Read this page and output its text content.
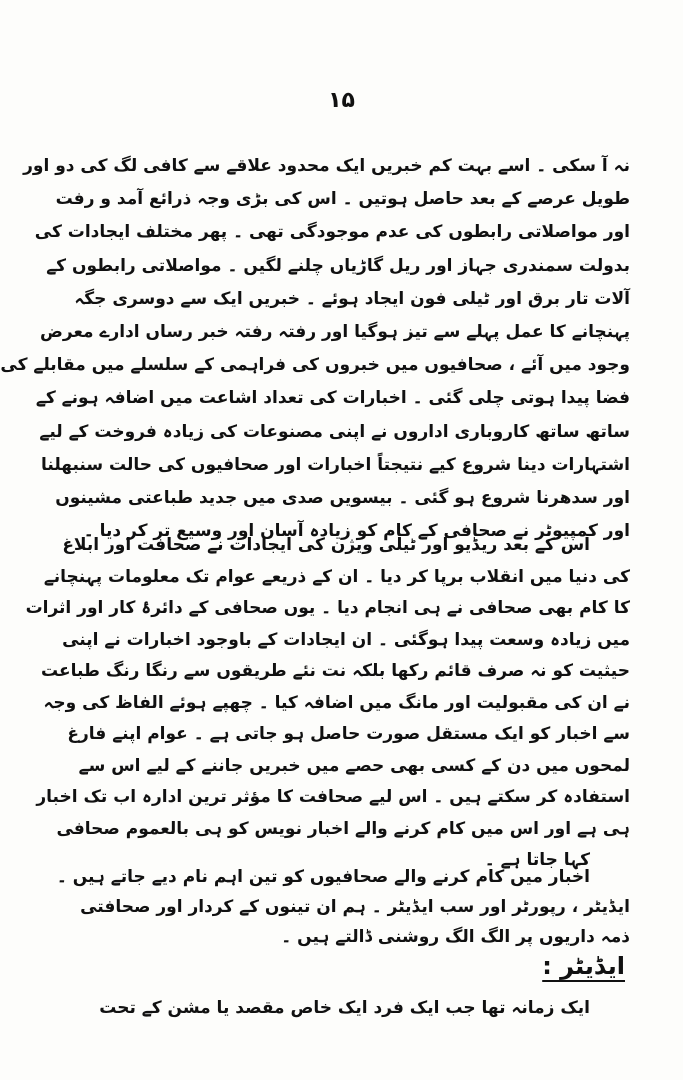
۱۵
نہ آ سکی ۔ اسے بہت کم خبریں ایک محدود علاقے سے کافی لگ کی دو اور
طویل عرصے کے بعد حاصل ہوتیں ۔ اس کی بڑی وجہ ذرائع آمد و رفت
اور مواصلاتی رابطوں کی عدم موجودگی تھی ۔ پھر مختلف ایجادات کی
بدولت سمندری جہاز اور ریل گاڑیاں چلنے لگیں ۔ مواصلاتی رابطوں کے
آلات تار برق اور ٹیلی فون ایجاد ہوئے ۔ خبریں ایک سے دوسری جگہ
پہنچانے کا عمل پہلے سے تیز ہوگیا اور رفتہ رفتہ خبر رساں ادارے معرض
وجود میں آئے ، صحافیوں میں خبروں کی فراہمی کے سلسلے میں مقابلے کی
فضا پیدا ہوتی چلی گئی ۔ اخبارات کی تعداد اشاعت میں اضافہ ہونے کے
ساتھ ساتھ کاروباری اداروں نے اپنی مصنوعات کی زیادہ فروخت کے لیے
اشتہارات دینا شروع کیے نتیجتاً اخبارات اور صحافیوں کی حالت سنبھلنا
اور سدھرنا شروع ہو گئی ۔ بیسویں صدی میں جدید طباعتی مشینوں
اور کمپیوٹر نے صحافی کے کام کو زیادہ آسان اور وسیع تر کر دیا ۔
اس کے بعد ریڈیو اور ٹیلی ویژن کی ایجادات نے صحافت اور ابلاغ
کی دنیا میں انقلاب برپا کر دیا ۔ ان کے ذریعے عوام تک معلومات پہنچانے
کا کام بھی صحافی نے ہی انجام دیا ۔ یوں صحافی کے دائرۂ کار اور اثرات
میں زیادہ وسعت پیدا ہوگئی ۔ ان ایجادات کے باوجود اخبارات نے اپنی
حیثیت کو نہ صرف قائم رکھا بلکہ نت نئے طریقوں سے رنگا رنگ طباعت
نے ان کی مقبولیت اور مانگ میں اضافہ کیا ۔ چھپے ہوئے الفاظ کی وجہ
سے اخبار کو ایک مستقل صورت حاصل ہو جاتی ہے ۔ عوام اپنے فارغ
لمحوں میں دن کے کسی بھی حصے میں خبریں جاننے کے لیے اس سے
استفادہ کر سکتے ہیں ۔ اس لیے صحافت کا مؤثر ترین ادارہ اب تک اخبار
ہی ہے اور اس میں کام کرنے والے اخبار نویس کو ہی بالعموم صحافی
کہا جاتا ہے ۔
اخبار میں کام کرنے والے صحافیوں کو تین اہم نام دیے جاتے ہیں ۔
ایڈیٹر ، رپورٹر اور سب ایڈیٹر ۔ ہم ان تینوں کے کردار اور صحافتی
ذمہ داریوں پر الگ الگ روشنی ڈالتے ہیں ۔
ایڈیٹر :
ایک زمانہ تھا جب ایک فرد ایک خاص مقصد یا مشن کے تحت
